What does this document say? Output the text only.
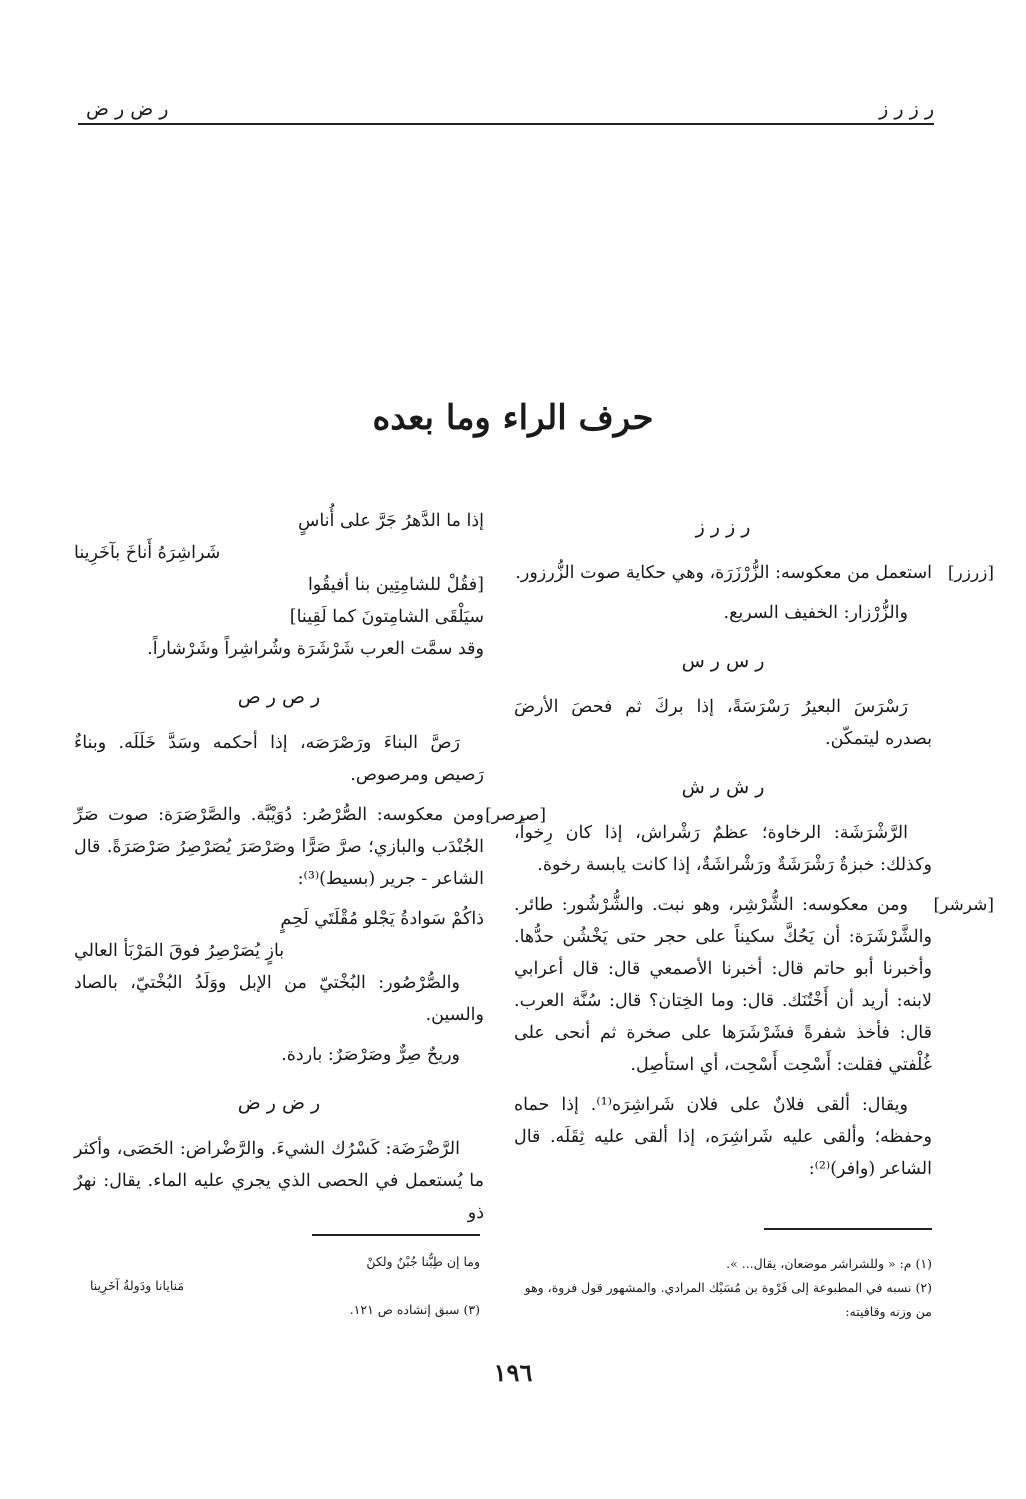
ر ز ر ز
ر ض ر ض
حرف الراء وما بعده
ر ز ر ز
[زرزر]
استعمل من معكوسه: الزُّرْزَرَة، وهي حكاية صوت الزُّرزور.
والزُّرْزار: الخفيف السريع.
ر س ر س
رَسْرَسَ البعيرُ رَسْرَسَةً، إذا بركَ ثم فحصَ الأرضَ بصدره ليتمكّن.
ر ش ر ش
الرَّشْرَشَة: الرخاوة؛ عظمٌ رَشْراش، إذا كان رِخواً، وكذلك: خبزةٌ رَشْرَشَةٌ ورَشْراشَةٌ، إذا كانت يابسة رخوة.
[شرشر]
ومن معكوسه: الشُّرْشِر، وهو نبت. والشُّرْشُور: طائر. والشَّرْشَرَة: أن يَحُكَّ سكيناً على حجر حتى يَخْشُن حدُّها. وأخبرنا أبو حاتم قال: أخبرنا الأصمعي قال: قال أعرابي لابنه: أريد أن أَخْتُنَك. قال: وما الخِتان؟ قال: سُنَّة العرب. قال: فأخذ شفرةً فشَرْشَرَها على صخرة ثم أنحى على غُلْفتي فقلت: أَسْحِت أَسْحِت، أي استأصِل.
ويقال: ألقى فلانٌ على فلان شَراشِرَه⁽¹⁾. إذا حماه وحفظه؛ وألقى عليه شَراشِرَه، إذا ألقى عليه ثِقَلَه. قال الشاعر (وافر)⁽²⁾:
إذا ما الدَّهرُ جَرَّ على أُناسٍ
شَراشِرَهُ أَناخَ بآخَرِينا
[فقُلْ للشامِتِين بنا أفيقُوا
سيَلْقَى الشامِتونَ كما لَقِينا]
وقد سمَّت العرب شَرْشَرَة وشُراشِراً وشَرْشاراً.
ر ص ر ص
رَصَّ البناءَ ورَصْرَصَه، إذا أحكمه وسَدَّ خَلَلَه. وبناءٌ رَصيص ومرصوص.
[صرصر]
ومن معكوسه: الصُّرْصُر: دُوَيْبَّة. والصَّرْصَرَة: صوت صَرِّ الجُنْدَب والبازي؛ صرَّ صَرًّا وصَرْصَرَ يُصَرْصِرُ صَرْصَرَةً. قال الشاعر - جرير (بسيط)⁽³⁾:
ذاكُمْ سَوادةُ يَجْلو مُقْلَتَي لَحِمٍ
بازٍ يُصَرْصِرُ فوقَ المَرْبَأ العالي
والصُّرْصُور: البُخْتيّ من الإبل ووَلَدُ البُخْتيّ، بالصاد والسين.
وريحٌ صِرٌّ وصَرْصَرٌ: باردة.
ر ض ر ض
الرَّضْرَضَة: كَسْرُك الشيءَ. والرَّضْراض: الحَصَى، وأكثر ما يُستعمل في الحصى الذي يجري عليه الماء. يقال: نهرٌ ذو
(١) م: « وللشراشر موضعان، يقال... ».
(٢) نسبه في المطبوعة إلى فَرْوة بن مُسَيْك المرادي. والمشهور قول فروة، وهو من وزنه وقافيته:
وما إن طِبُّنا جُبْنٌ ولكنْ
مَنايانا ودَولةُ آخَرِينا
(٣) سبق إنشاده ص ١٢١.
١٩٦
